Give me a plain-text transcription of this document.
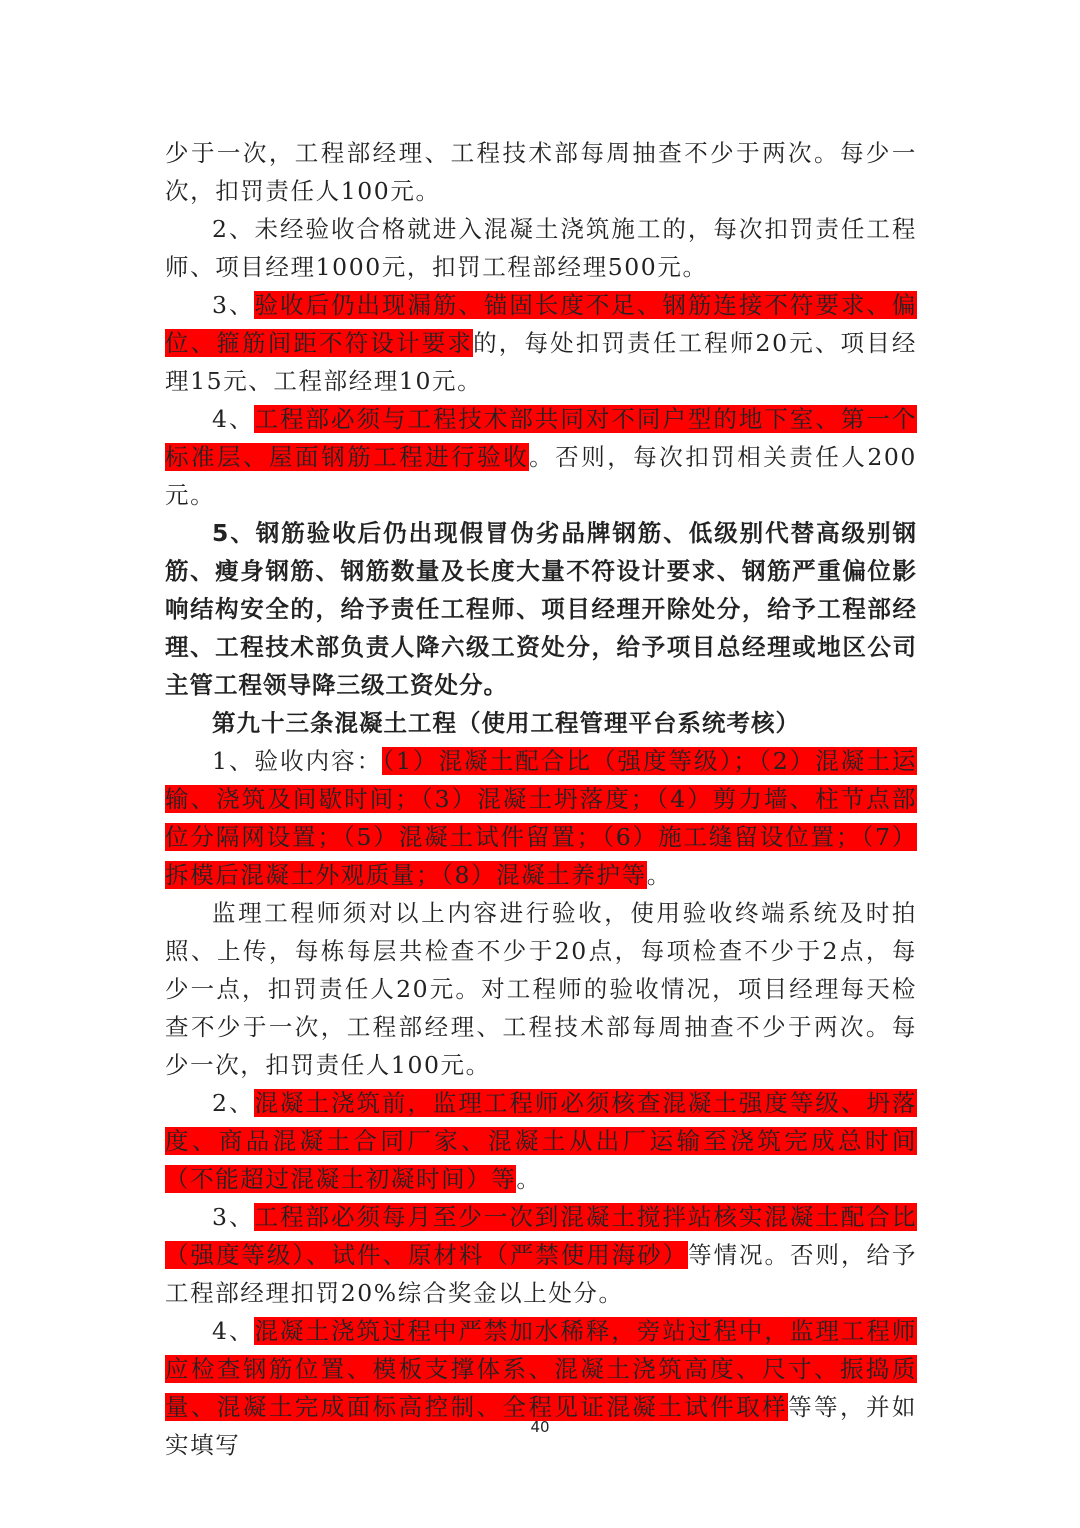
少于一次，工程部经理、工程技术部每周抽查不少于两次。每少一次，扣罚责任人100元。

2、未经验收合格就进入混凝土浇筑施工的，每次扣罚责任工程师、项目经理1000元，扣罚工程部经理500元。

3、验收后仍出现漏筋、锚固长度不足、钢筋连接不符要求、偏位、箍筋间距不符设计要求的，每处扣罚责任工程师20元、项目经理15元、工程部经理10元。

4、工程部必须与工程技术部共同对不同户型的地下室、第一个标准层、屋面钢筋工程进行验收。否则，每次扣罚相关责任人200元。

5、钢筋验收后仍出现假冒伪劣品牌钢筋、低级别代替高级别钢筋、瘦身钢筋、钢筋数量及长度大量不符设计要求、钢筋严重偏位影响结构安全的，给予责任工程师、项目经理开除处分，给予工程部经理、工程技术部负责人降六级工资处分，给予项目总经理或地区公司主管工程领导降三级工资处分。

第九十三条混凝土工程（使用工程管理平台系统考核）

1、验收内容：（1）混凝土配合比（强度等级）；（2）混凝土运输、浇筑及间歇时间；（3）混凝土坍落度；（4）剪力墙、柱节点部位分隔网设置；（5）混凝土试件留置；（6）施工缝留设位置；（7）拆模后混凝土外观质量；（8）混凝土养护等。

监理工程师须对以上内容进行验收，使用验收终端系统及时拍照、上传，每栋每层共检查不少于20点，每项检查不少于2点，每少一点，扣罚责任人20元。对工程师的验收情况，项目经理每天检查不少于一次，工程部经理、工程技术部每周抽查不少于两次。每少一次，扣罚责任人100元。

2、混凝土浇筑前，监理工程师必须核查混凝土强度等级、坍落度、商品混凝土合同厂家、混凝土从出厂运输至浇筑完成总时间（不能超过混凝土初凝时间）等。

3、工程部必须每月至少一次到混凝土搅拌站核实混凝土配合比（强度等级）、试件、原材料（严禁使用海砂）等情况。否则，给予工程部经理扣罚20%综合奖金以上处分。

4、混凝土浇筑过程中严禁加水稀释，旁站过程中，监理工程师应检查钢筋位置、模板支撑体系、混凝土浇筑高度、尺寸、振捣质量、混凝土完成面标高控制、全程见证混凝土试件取样等等，并如实填写

40
